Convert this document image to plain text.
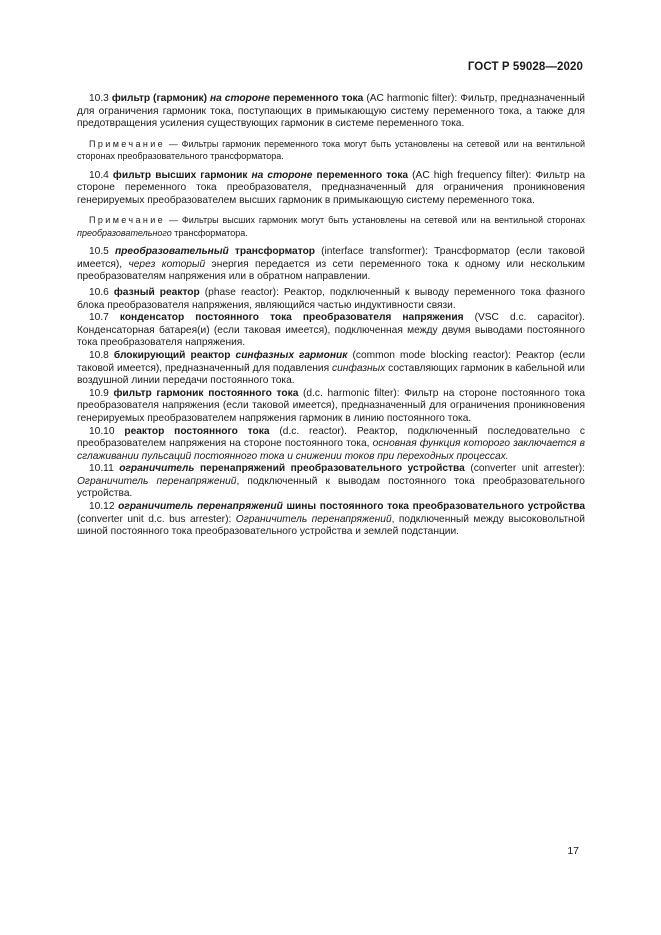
ГОСТ Р 59028—2020

10.3 фильтр (гармоник) на стороне переменного тока (AC harmonic filter): Фильтр, предназначенный для ограничения гармоник тока, поступающих в примыкающую систему переменного тока, а также для предотвращения усиления существующих гармоник в системе переменного тока.

Примечание — Фильтры гармоник переменного тока могут быть установлены на сетевой или на вентильной сторонах преобразовательного трансформатора.

10.4 фильтр высших гармоник на стороне переменного тока (AC high frequency filter): Фильтр на стороне переменного тока преобразователя, предназначенный для ограничения проникновения генерируемых преобразователем высших гармоник в примыкающую систему переменного тока.

Примечание — Фильтры высших гармоник могут быть установлены на сетевой или на вентильной сторонах преобразовательного трансформатора.

10.5 преобразовательный трансформатор (interface transformer): Трансформатор (если таковой имеется), через который энергия передается из сети переменного тока к одному или нескольким преобразователям напряжения или в обратном направлении.

10.6 фазный реактор (phase reactor): Реактор, подключенный к выводу переменного тока фазного блока преобразователя напряжения, являющийся частью индуктивности связи.

10.7 конденсатор постоянного тока преобразователя напряжения (VSC d.c. capacitor). Конденсаторная батарея(и) (если таковая имеется), подключенная между двумя выводами постоянного тока преобразователя напряжения.

10.8 блокирующий реактор синфазных гармоник (common mode blocking reactor): Реактор (если таковой имеется), предназначенный для подавления синфазных составляющих гармоник в кабельной или воздушной линии передачи постоянного тока.

10.9 фильтр гармоник постоянного тока (d.c. harmonic filter): Фильтр на стороне постоянного тока преобразователя напряжения (если таковой имеется), предназначенный для ограничения проникновения генерируемых преобразователем напряжения гармоник в линию постоянного тока.

10.10 реактор постоянного тока (d.c. reactor). Реактор, подключенный последовательно с преобразователем напряжения на стороне постоянного тока, основная функция которого заключается в сглаживании пульсаций постоянного тока и снижении токов при переходных процессах.

10.11 ограничитель перенапряжений преобразовательного устройства (converter unit arrester): Ограничитель перенапряжений, подключенный к выводам постоянного тока преобразовательного устройства.

10.12 ограничитель перенапряжений шины постоянного тока преобразовательного устройства (converter unit d.c. bus arrester): Ограничитель перенапряжений, подключенный между высоковольтной шиной постоянного тока преобразовательного устройства и землей подстанции.

17
